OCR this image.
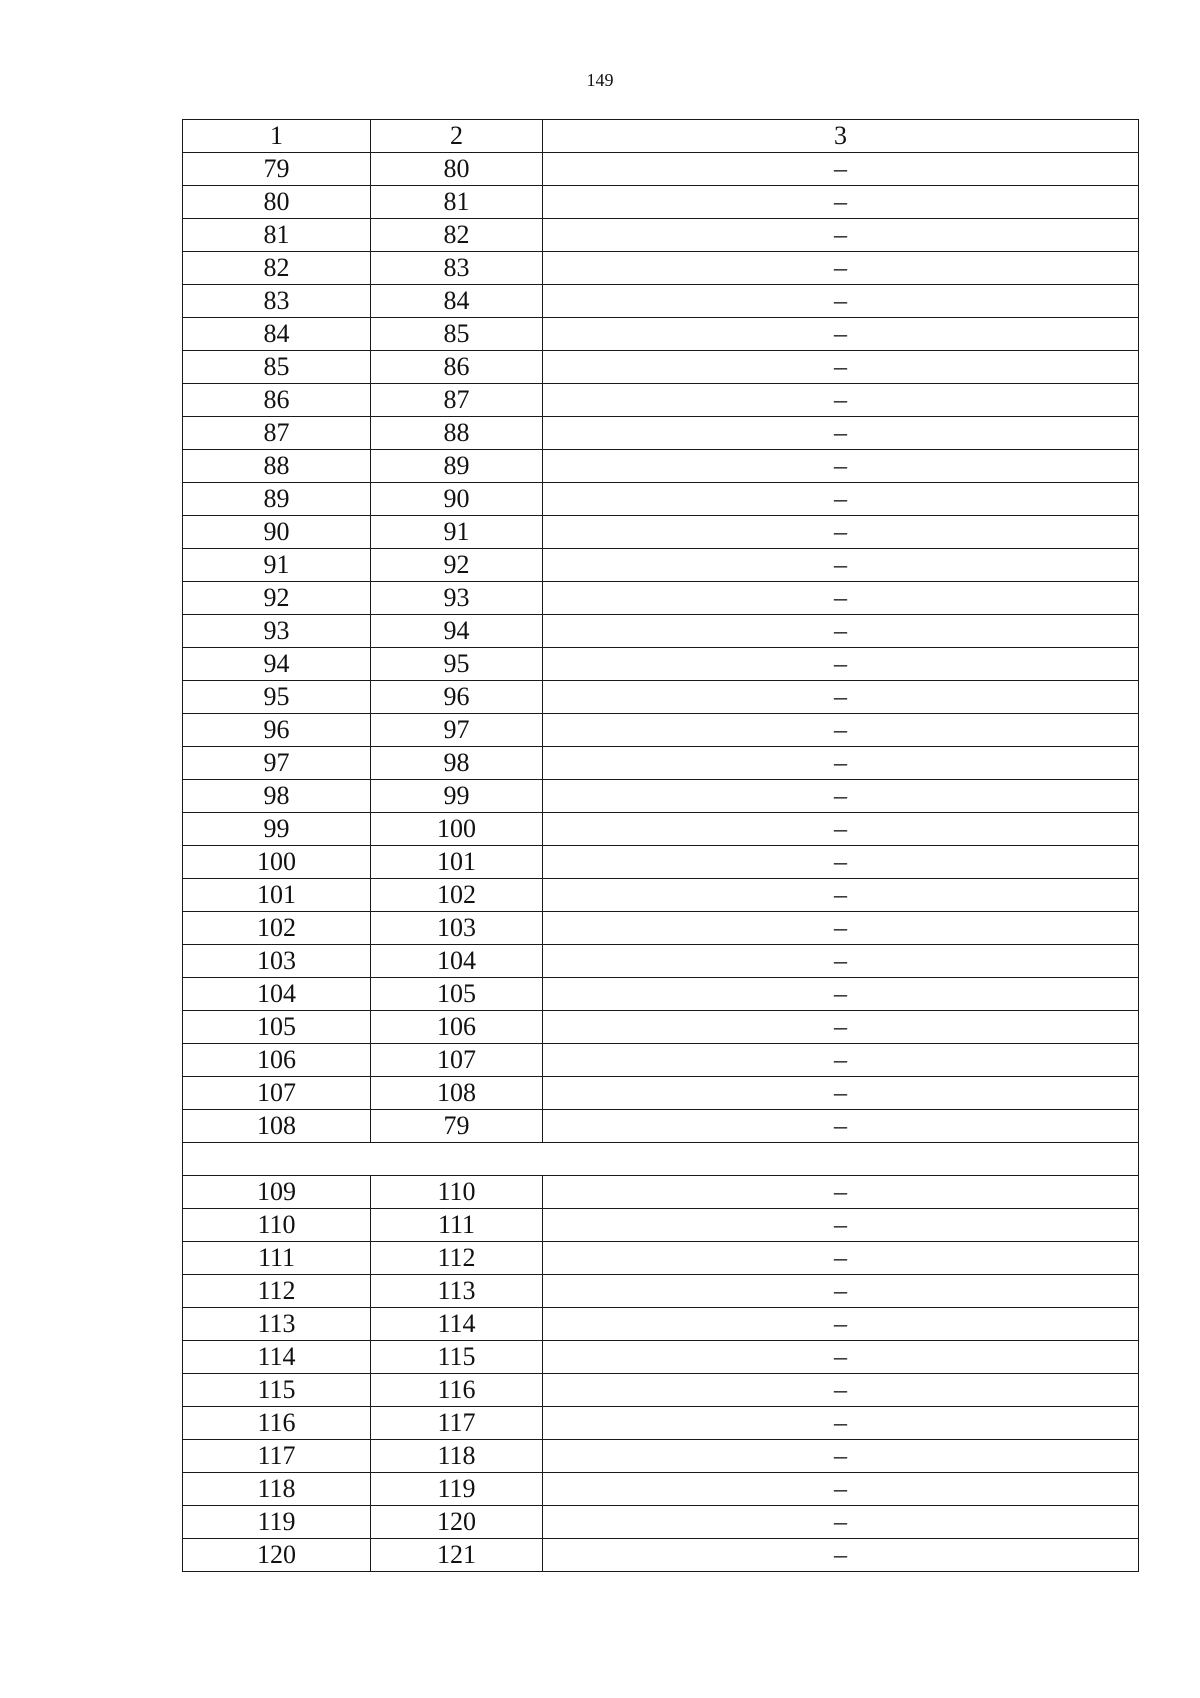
149
1	2	3
79	80	–
80	81	–
81	82	–
82	83	–
83	84	–
84	85	–
85	86	–
86	87	–
87	88	–
88	89	–
89	90	–
90	91	–
91	92	–
92	93	–
93	94	–
94	95	–
95	96	–
96	97	–
97	98	–
98	99	–
99	100	–
100	101	–
101	102	–
102	103	–
103	104	–
104	105	–
105	106	–
106	107	–
107	108	–
108	79	–

109	110	–
110	111	–
111	112	–
112	113	–
113	114	–
114	115	–
115	116	–
116	117	–
117	118	–
118	119	–
119	120	–
120	121	–
